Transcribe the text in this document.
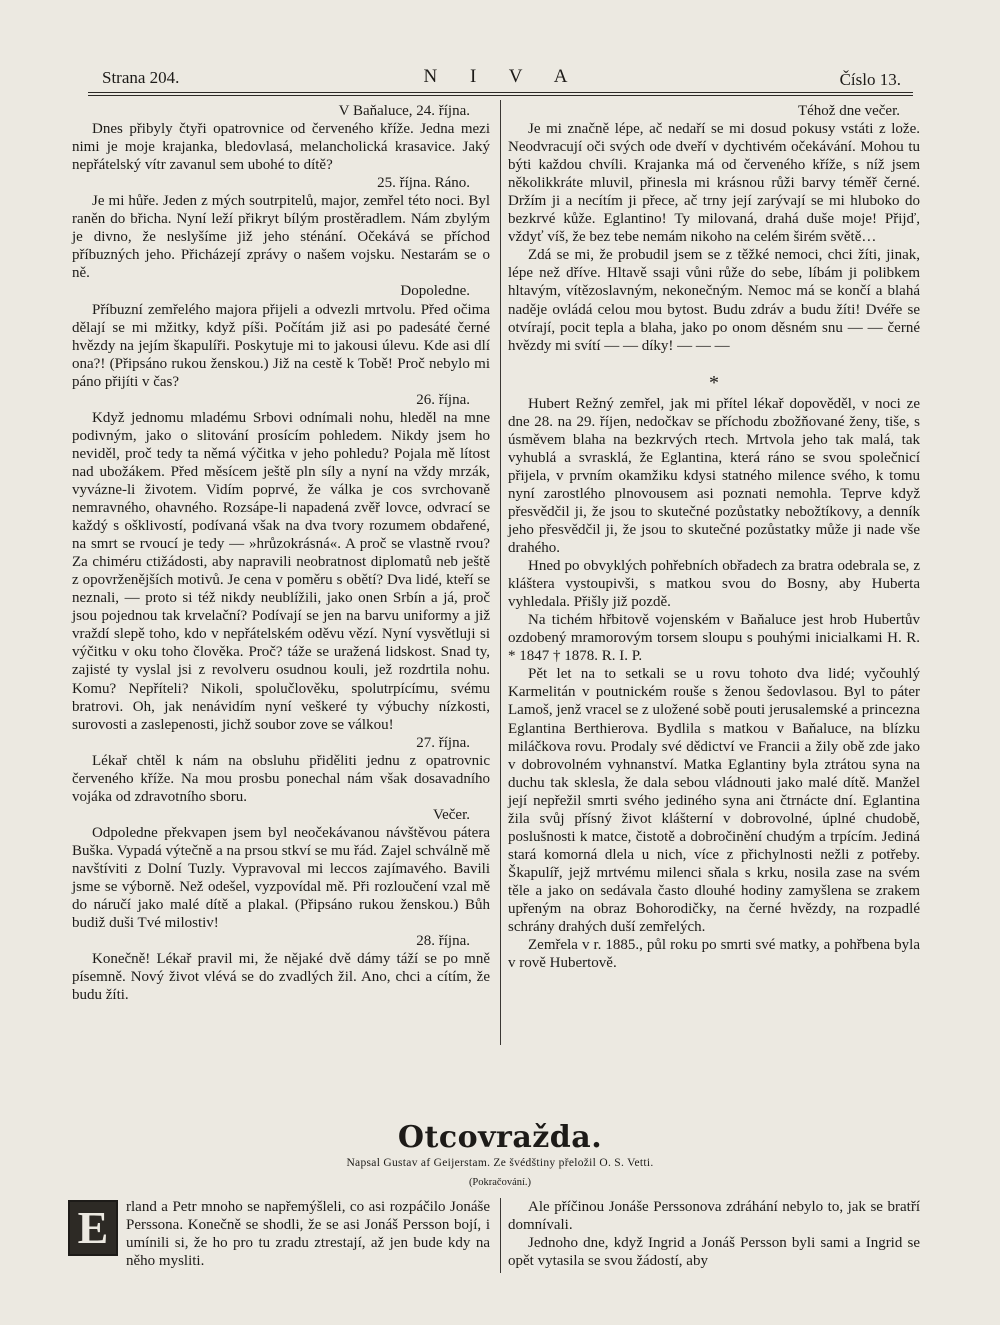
Strana 204.	N I V A	Číslo 13.

V Baňaluce, 24. října.

Dnes přibyly čtyři opatrovnice od červeného kříže. Jedna mezi nimi je moje krajanka, bledovlasá, melancholická krasavice. Jaký nepřátelský vítr zavanul sem ubohé to dítě?

25. října. Ráno.

Je mi hůře. Jeden z mých soutrpitelů, major, zemřel této noci. Byl raněn do břicha. Nyní leží přikryt bílým prostěradlem. Nám zbylým je divno, že neslyšíme již jeho sténání. Očekává se příchod příbuzných jeho. Přicházejí zprávy o našem vojsku. Nestarám se o ně.

Dopoledne.

Příbuzní zemřelého majora přijeli a odvezli mrtvolu. Před očima dělají se mi mžitky, když píši. Počítám již asi po padesáté černé hvězdy na jejím škapulíři. Poskytuje mi to jakousi úlevu. Kde asi dlí ona?! (Připsáno rukou ženskou.) Již na cestě k Tobě! Proč nebylo mi páno přijíti v čas?

26. října.

Když jednomu mladému Srbovi odnímali nohu, hleděl na mne podivným, jako o slitování prosícím pohledem. Nikdy jsem ho neviděl, proč tedy ta němá výčitka v jeho pohledu? Pojala mě lítost nad ubožákem. Před měsícem ještě pln síly a nyní na vždy mrzák, vyvázne-li životem. Vidím poprvé, že válka je cos svrchovaně nemravného, ohavného. Rozsápe-li napadená zvěř lovce, odvrací se každý s ošklivostí, podívaná však na dva tvory rozumem obdařené, na smrt se rvoucí je tedy — »hrůzokrásná«. A proč se vlastně rvou? Za chiméru ctižádosti, aby napravili neobratnost diplomatů neb ještě z opovrženějších motivů. Je cena v poměru s obětí? Dva lidé, kteří se neznali, — proto si též nikdy neublížili, jako onen Srbín a já, proč jsou pojednou tak krvelační? Podívají se jen na barvu uniformy a již vraždí slepě toho, kdo v nepřátelském oděvu vězí. Nyní vysvětluji si výčitku v oku toho člověka. Proč? táže se uražená lidskost. Snad ty, zajisté ty vyslal jsi z revolveru osudnou kouli, jež rozdrtila nohu. Komu? Nepříteli? Nikoli, spolučlověku, spolutrpícímu, svému bratrovi. Oh, jak nenávidím nyní veškeré ty výbuchy nízkosti, surovosti a zaslepenosti, jichž soubor zove se válkou!

27. října.

Lékař chtěl k nám na obsluhu přiděliti jednu z opatrovnic červeného kříže. Na mou prosbu ponechal nám však dosavadního vojáka od zdravotního sboru.

Večer.

Odpoledne překvapen jsem byl neočekávanou návštěvou pátera Buška. Vypadá výtečně a na prsou stkví se mu řád. Zajel schválně mě navštíviti z Dolní Tuzly. Vypravoval mi leccos zajímavého. Bavili jsme se výborně. Než odešel, vyzpovídal mě. Při rozloučení vzal mě do náručí jako malé dítě a plakal. (Připsáno rukou ženskou.) Bůh budiž duši Tvé milostiv!

28. října.

Konečně! Lékař pravil mi, že nějaké dvě dámy táží se po mně písemně. Nový život vlévá se do zvadlých žil. Ano, chci a cítím, že budu žíti.

Téhož dne večer.

Je mi značně lépe, ač nedaří se mi dosud pokusy vstáti z lože. Neodvracují oči svých ode dveří v dychtivém očekávání. Mohou tu býti každou chvíli. Krajanka má od červeného kříže, s níž jsem několikkráte mluvil, přinesla mi krásnou růži barvy téměř černé. Držím ji a necítím ji přece, ač trny její zarývají se mi hluboko do bezkrvé kůže. Eglantino! Ty milovaná, drahá duše moje! Přijď, vždyť víš, že bez tebe nemám nikoho na celém širém světě…

Zdá se mi, že probudil jsem se z těžké nemoci, chci žíti, jinak, lépe než dříve. Hltavě ssaji vůni růže do sebe, líbám ji polibkem hltavým, vítězoslavným, nekonečným. Nemoc má se končí a blahá naděje ovládá celou mou bytost. Budu zdráv a budu žíti! Dvéře se otvírají, pocit tepla a blaha, jako po onom děsném snu — — černé hvězdy mi svítí — — díky! — — —

*

Hubert Režný zemřel, jak mi přítel lékař dopověděl, v noci ze dne 28. na 29. říjen, nedočkav se příchodu zbožňované ženy, tiše, s úsměvem blaha na bezkrvých rtech. Mrtvola jeho tak malá, tak vyhublá a svrasklá, že Eglantina, která ráno se svou společnicí přijela, v prvním okamžiku kdysi statného milence svého, k tomu nyní zarostlého plnovousem asi poznati nemohla. Teprve když přesvědčil ji, že jsou to skutečné pozůstatky nebožtíkovy, a denník jeho přesvědčil ji, že jsou to skutečné pozůstatky může ji nade vše drahého.

Hned po obvyklých pohřebních obřadech za bratra odebrala se, z kláštera vystoupivši, s matkou svou do Bosny, aby Huberta vyhledala. Přišly již pozdě.

Na tichém hřbitově vojenském v Baňaluce jest hrob Hubertův ozdobený mramorovým torsem sloupu s pouhými inicialkami H. R. * 1847 † 1878. R. I. P.

Pět let na to setkali se u rovu tohoto dva lidé; vyčouhlý Karmelitán v poutnickém rouše s ženou šedovlasou. Byl to páter Lamoš, jenž vracel se z uložené sobě pouti jerusalemské a princezna Eglantina Berthierova. Bydlila s matkou v Baňaluce, na blízku miláčkova rovu. Prodaly své dědictví ve Francii a žily obě zde jako v dobrovolném vyhnanství. Matka Eglantiny byla ztrátou syna na duchu tak sklesla, že dala sebou vládnouti jako malé dítě. Manžel její nepřežil smrti svého jediného syna ani čtrnácte dní. Eglantina žila svůj přísný život klášterní v dobrovolné, úplné chudobě, poslušnosti k matce, čistotě a dobročinění chudým a trpícím. Jediná stará komorná dlela u nich, více z přichylnosti nežli z potřeby. Škapulíř, jejž mrtvému milenci sňala s krku, nosila zase na svém těle a jako on sedávala často dlouhé hodiny zamyšlena se zrakem upřeným na obraz Bohorodičky, na černé hvězdy, na rozpadlé schrány drahých duší zemřelých.

Zemřela v r. 1885., půl roku po smrti své matky, a pohřbena byla v rově Hubertově.

Otcovražda.
Napsal Gustav af Geijerstam. Ze švédštiny přeložil O. S. Vetti.
(Pokračování.)

E	rland a Petr mnoho se napřemýšleli, co asi rozpáčilo Jonáše Perssona. Konečně se shodli, že se asi Jonáš Persson bojí, i umínili si, že ho pro tu zradu ztrestají, až jen bude kdy na něho mysliti.

Ale příčinou Jonáše Perssonova zdráhání nebylo to, jak se bratří domnívali.

Jednoho dne, když Ingrid a Jonáš Persson byli sami a Ingrid se opět vytasila se svou žádostí, aby
